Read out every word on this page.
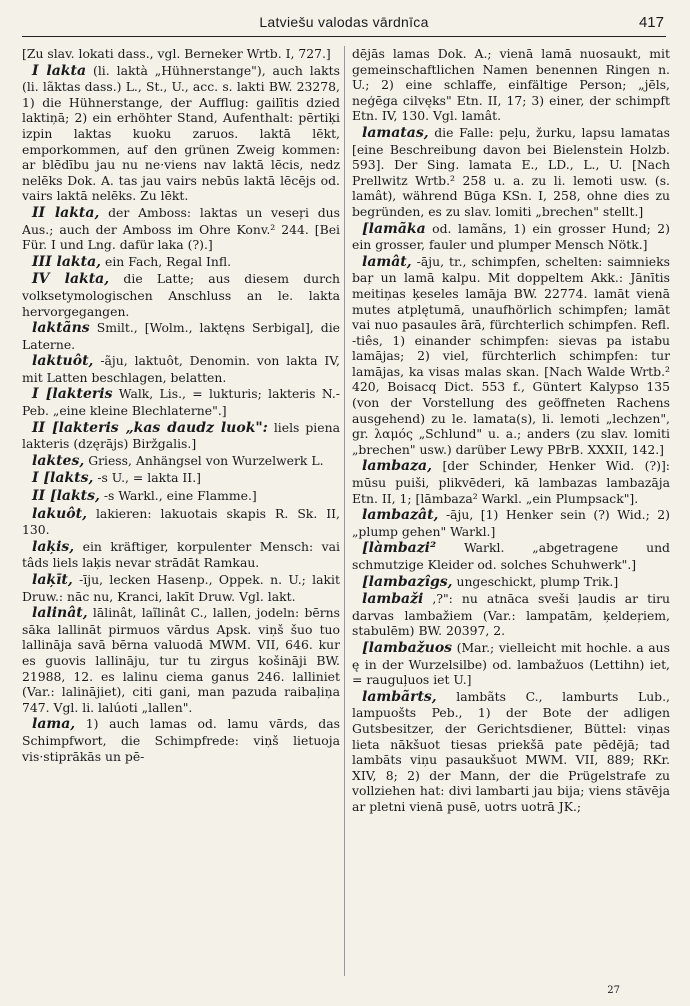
Latviešu valodas vārdnīca	417

[Zu slav. lokati dass., vgl. Berneker Wrtb. I, 727.]

I lakta (li. laktà „Hühnerstange"), auch lakts (li. lãktas dass.) L., St., U., acc. s. lakti BW. 23278, 1) die Hühnerstange, der Aufflug: gailītis dzied laktiņā; 2) ein erhöhter Stand, Aufenthalt: pērtiķi izpin laktas kuoku zaruos. laktā lēkt, emporkommen, auf den grünen Zweig kommen: ar blēdību jau nu ne·viens nav laktā lēcis, nedz nelēks Dok. A. tas jau vairs nebūs laktā lēcējs od. vairs laktā nelēks. Zu lēkt.

II lakta, der Amboss: laktas un veseŗi dus Aus.; auch der Amboss im Ohre Konv.² 244. [Bei Für. I und Lng. dafür laka (?).]

III lakta, ein Fach, Regal Infl.

IV lakta, die Latte; aus diesem durch volksetymologischen Anschluss an le. lakta hervorgegangen.

laktãns Smilt., [Wolm., laktęns Serbigal], die Laterne.

laktuôt, -ãju, laktuôt, Denomin. von lakta IV, mit Latten beschlagen, belatten.

I [lakteris Walk, Lis., = lukturis; lakteris N.-Peb. „eine kleine Blechlaterne".]

II [lakteris „kas daudz luok": liels piena lakteris (dzęrājs) Biržgalis.]

laktes, Griess, Anhängsel von Wurzelwerk L.

I [lakts, -s U., = lakta II.]

II [lakts, -s Warkl., eine Flamme.]

lakuôt, lakieren: lakuotais skapis R. Sk. II, 130.

laķis, ein kräftiger, korpulenter Mensch: vai tâds liels laķis nevar strādāt Ramkau.

laķīt, -īju, lecken Hasenp., Oppek. n. U.; lakit Druw.: nāc nu, Kranci, lakīt Druw. Vgl. lakt.

lalinât, lālinât, laĩlinât C., lallen, jodeln: bērns sāka lallināt pirmuos vārdus Apsk. viņš šuo tuo lallināja savā bērna valuodā MWM. VII, 646. kur es guovis lallināju, tur tu zirgus košināji BW. 21988, 12. es lalinu ciema ganus 246. lalliniet (Var.: lalinājiet), citi gani, man pazuda raibaļiņa 747. Vgl. li. lalúoti „lallen".

lama, 1) auch lamas od. lamu vārds, das Schimpfwort, die Schimpfrede: viņš lietuoja vis·stiprākās un pē-

dējās lamas Dok. A.; vienā lamā nuosaukt, mit gemeinschaftlichen Namen benennen Ringen n. U.; 2) eine schlaffe, einfältige Person; „jēls, neģēga cilvęks" Etn. II, 17; 3) einer, der schimpft Etn. IV, 130. Vgl. lamât.

lamatas, die Falle: peļu, žurku, lapsu lamatas [eine Beschreibung davon bei Bielenstein Holzb. 593]. Der Sing. lamata E., LD., L., U. [Nach Prellwitz Wrtb.² 258 u. a. zu li. lemoti usw. (s. lamât), während Būga KSn. I, 258, ohne dies zu begründen, es zu slav. lomiti „brechen" stellt.]

[lamãka od. lamãns, 1) ein grosser Hund; 2) ein grosser, fauler und plumper Mensch Nötk.]

lamât, -āju, tr., schimpfen, schelten: saimnieks baŗ un lamā kalpu. Mit doppeltem Akk.: Jānītis meitiņas ķeseles lamāja BW. 22774. lamāt vienā mutes atplętumā, unaufhörlich schimpfen; lamāt vai nuo pasaules ārā, fürchterlich schimpfen. Refl. -tiês, 1) einander schimpfen: sievas pa istabu lamājas; 2) viel, fürchterlich schimpfen: tur lamājas, ka visas malas skan. [Nach Walde Wrtb.² 420, Boisacq Dict. 553 f., Güntert Kalypso 135 (von der Vorstellung des geöffneten Rachens ausgehend) zu le. lamata(s), li. lemoti „lechzen", gr. λαμός „Schlund" u. a.; anders (zu slav. lomiti „brechen" usw.) darüber Lewy PBrB. XXXII, 142.]

lambaza, [der Schinder, Henker Wid. (?)]: mūsu puiši, plikvēderi, kā lambazas lambazāja Etn. II, 1; [lāmbaza² Warkl. „ein Plumpsack"].

lambazât, -āju, [1) Henker sein (?) Wid.; 2) „plump gehen" Warkl.]

[làmbazi² Warkl. „abgetragene und schmutzige Kleider od. solches Schuhwerk".]

[lambazîgs, ungeschickt, plump Trik.]

lambaži ,?": nu atnāca sveši ļaudis ar tiru darvas lambažiem (Var.: lampatām, ķeldeŗiem, stabulēm) BW. 20397, 2.

[lambažuos (Mar.; vielleicht mit hochle. a aus ę in der Wurzelsilbe) od. lambažuos (Lettihn) iet, = rauguļuos iet U.]

lambãrts, lambãts C., lamburts Lub., lampuošts Peb., 1) der Bote der adligen Gutsbesitzer, der Gerichtsdiener, Büttel: viņas lieta nākšuot tiesas priekšā pate pēdējā; tad lambāts viņu pasaukšuot MWM. VII, 889; RKr. XIV, 8; 2) der Mann, der die Prügelstrafe zu vollziehen hat: divi lambarti jau bija; viens stāvēja ar pletni vienā pusē, uotrs uotrā JK.;

27
